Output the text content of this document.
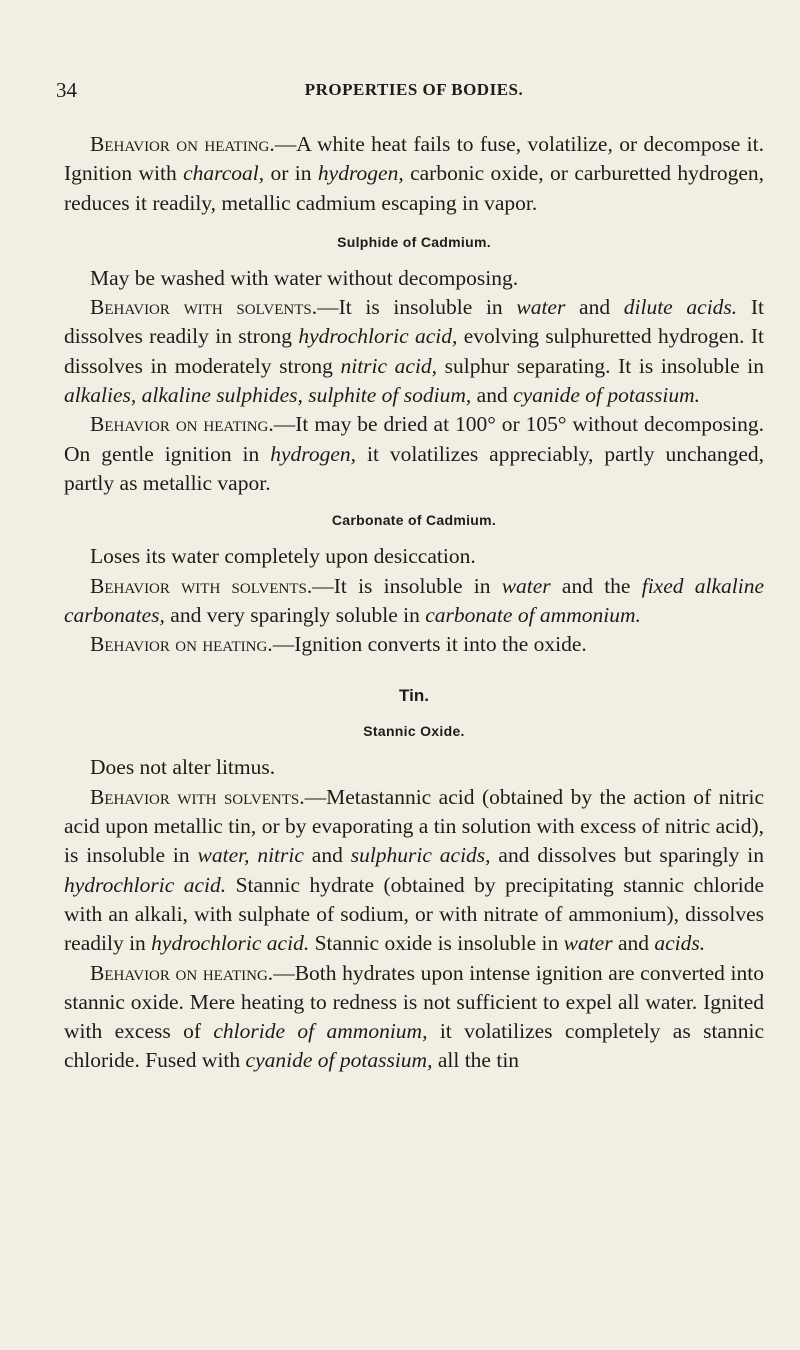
34	PROPERTIES OF BODIES.

Behavior on heating.—A white heat fails to fuse, volatilize, or decompose it. Ignition with charcoal, or in hydrogen, carbonic oxide, or carburetted hydrogen, reduces it readily, metallic cadmium escaping in vapor.

Sulphide of Cadmium.

May be washed with water without decomposing.

Behavior with solvents.—It is insoluble in water and dilute acids. It dissolves readily in strong hydrochloric acid, evolving sulphuretted hydrogen. It dissolves in moderately strong nitric acid, sulphur separating. It is insoluble in alkalies, alkaline sulphides, sulphite of sodium, and cyanide of potassium.

Behavior on heating.—It may be dried at 100° or 105° without decomposing. On gentle ignition in hydrogen, it volatilizes appreciably, partly unchanged, partly as metallic vapor.

Carbonate of Cadmium.

Loses its water completely upon desiccation.

Behavior with solvents.—It is insoluble in water and the fixed alkaline carbonates, and very sparingly soluble in carbonate of ammonium.

Behavior on heating.—Ignition converts it into the oxide.

Tin.
Stannic Oxide.

Does not alter litmus.

Behavior with solvents.—Metastannic acid (obtained by the action of nitric acid upon metallic tin, or by evaporating a tin solution with excess of nitric acid), is insoluble in water, nitric and sulphuric acids, and dissolves but sparingly in hydrochloric acid. Stannic hydrate (obtained by precipitating stannic chloride with an alkali, with sulphate of sodium, or with nitrate of ammonium), dissolves readily in hydrochloric acid. Stannic oxide is insoluble in water and acids.

Behavior on heating.—Both hydrates upon intense ignition are converted into stannic oxide. Mere heating to redness is not sufficient to expel all water. Ignited with excess of chloride of ammonium, it volatilizes completely as stannic chloride. Fused with cyanide of potassium, all the tin
